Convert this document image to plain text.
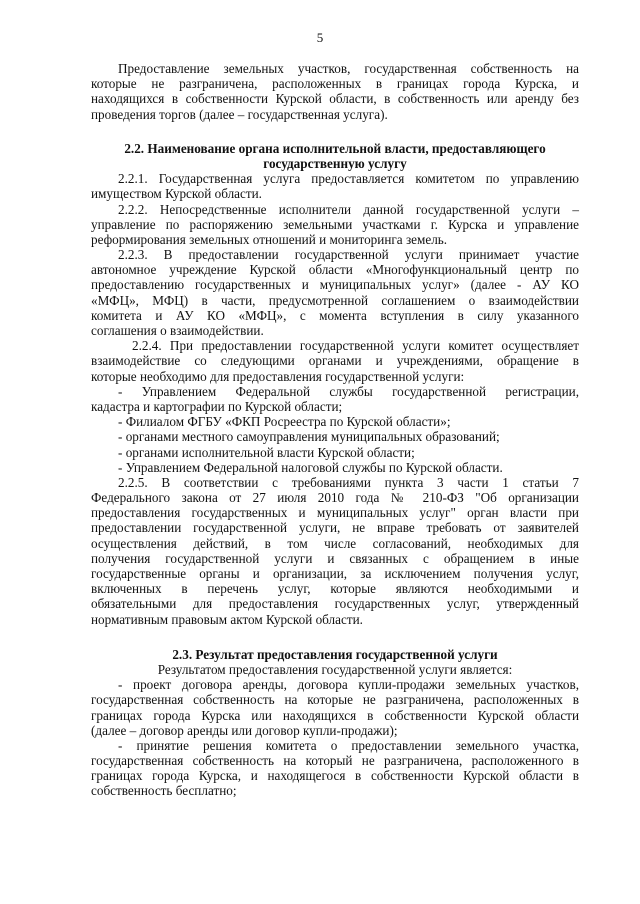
5
Предоставление земельных участков, государственная собственность на
которые не разграничена, расположенных в границах города Курска, и
находящихся в собственности Курской области, в собственность или аренду без
проведения торгов (далее – государственная услуга).
2.2. Наименование органа исполнительной власти, предоставляющего
государственную услугу
2.2.1. Государственная услуга предоставляется комитетом по управлению
имуществом Курской области.
2.2.2. Непосредственные исполнители данной государственной услуги –
управление по распоряжению земельными участками г. Курска и управление
реформирования земельных отношений и мониторинга земель.
2.2.3. В предоставлении государственной услуги принимает участие
автономное учреждение Курской области «Многофункциональный центр по
предоставлению государственных и муниципальных услуг» (далее - АУ КО
«МФЦ», МФЦ) в части, предусмотренной соглашением о взаимодействии
комитета и АУ КО «МФЦ», с момента вступления в силу указанного
соглашения о взаимодействии.
2.2.4. При предоставлении государственной услуги комитет осуществляет
взаимодействие со следующими органами и учреждениями, обращение в
которые необходимо для предоставления государственной услуги:
- Управлением Федеральной службы государственной регистрации,
кадастра и картографии по Курской области;
- Филиалом ФГБУ «ФКП Росреестра по Курской области»;
- органами местного самоуправления муниципальных образований;
- органами исполнительной власти Курской области;
- Управлением Федеральной налоговой службы по Курской области.
2.2.5. В соответствии с требованиями пункта 3 части 1 статьи 7
Федерального закона от 27 июля 2010 года № 210-ФЗ "Об организации
предоставления государственных и муниципальных услуг" орган власти при
предоставлении государственной услуги, не вправе требовать от заявителей
осуществления действий, в том числе согласований, необходимых для
получения государственной услуги и связанных с обращением в иные
государственные органы и организации, за исключением получения услуг,
включенных в перечень услуг, которые являются необходимыми и
обязательными для предоставления государственных услуг, утвержденный
нормативным правовым актом Курской области.
2.3. Результат предоставления государственной услуги
Результатом предоставления государственной услуги является:
- проект договора аренды, договора купли-продажи земельных участков,
государственная собственность на которые не разграничена, расположенных в
границах города Курска или находящихся в собственности Курской области
(далее – договор аренды или договор купли-продажи);
- принятие решения комитета о предоставлении земельного участка,
государственная собственность на который не разграничена, расположенного в
границах города Курска, и находящегося в собственности Курской области в
собственность бесплатно;
